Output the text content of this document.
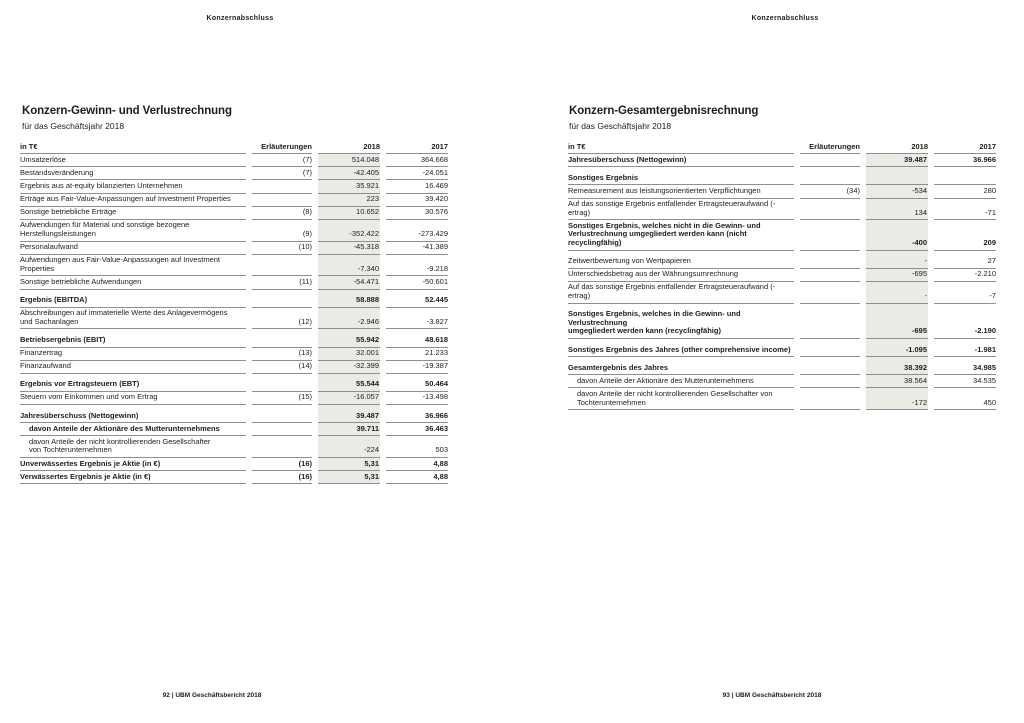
Konzernabschluss
Konzern-Gewinn- und Verlustrechnung
für das Geschäftsjahr 2018
in T€	Erläuterungen	2018	2017
Umsatzerlöse	(7)	514.048	364.668
Bestandsveränderung	(7)	-42.405	-24.051
Ergebnis aus at-equity bilanzierten Unternehmen		35.921	16.469
Erträge aus Fair-Value-Anpassungen auf Investment Properties		223	39.420
Sonstige betriebliche Erträge	(8)	10.652	30.576
Aufwendungen für Material und sonstige bezogene
Herstellungsleistungen	(9)	-352.422	-273.429
Personalaufwand	(10)	-45.318	-41.389
Aufwendungen aus Fair-Value-Anpassungen auf Investment Properties		-7.340	-9.218
Sonstige betriebliche Aufwendungen	(11)	-54.471	-50.601

Ergebnis (EBITDA)		58.888	52.445
Abschreibungen auf immaterielle Werte des Anlagevermögens
und Sachanlagen	(12)	-2.946	-3.827

Betriebsergebnis (EBIT)		55.942	48.618
Finanzertrag	(13)	32.001	21.233
Finanzaufwand	(14)	-32.399	-19.387

Ergebnis vor Ertragsteuern (EBT)		55.544	50.464
Steuern vom Einkommen und vom Ertrag	(15)	-16.057	-13.498

Jahresüberschuss (Nettogewinn)		39.487	36.966
davon Anteile der Aktionäre des Mutterunternehmens		39.711	36.463
davon Anteile der nicht kontrollierenden Gesellschafter
von Tochterunternehmen		-224	503
Unverwässertes Ergebnis je Aktie (in €)	(16)	5,31	4,88
Verwässertes Ergebnis je Aktie (in €)	(16)	5,31	4,88
92 | UBM Geschäftsbericht 2018
Konzernabschluss
Konzern-Gesamtergebnisrechnung
für das Geschäftsjahr 2018
in T€	Erläuterungen	2018	2017
Jahresüberschuss (Nettogewinn)		39.487	36.966

Sonstiges Ergebnis			
Remeasurement aus leistungsorientierten Verpflichtungen	(34)	-534	280
Auf das sonstige Ergebnis entfallender Ertragsteueraufwand (-ertrag)		134	-71
Sonstiges Ergebnis, welches nicht in die Gewinn- und
Verlustrechnung umgegliedert werden kann (nicht recyclingfähig)		-400	209

Zeitwertbewertung von Wertpapieren		-	27
Unterschiedsbetrag aus der Währungsumrechnung		-695	-2.210
Auf das sonstige Ergebnis entfallender Ertragsteueraufwand (-ertrag)		-	-7

Sonstiges Ergebnis, welches in die Gewinn- und Verlustrechnung
umgegliedert werden kann (recyclingfähig)		-695	-2.190

Sonstiges Ergebnis des Jahres (other comprehensive income)		-1.095	-1.981

Gesamtergebnis des Jahres		38.392	34.985
davon Anteile der Aktionäre des Mutterunternehmens		38.564	34.535
davon Anteile der nicht kontrollierenden Gesellschafter von
Tochterunternehmen		-172	450
93 | UBM Geschäftsbericht 2018
